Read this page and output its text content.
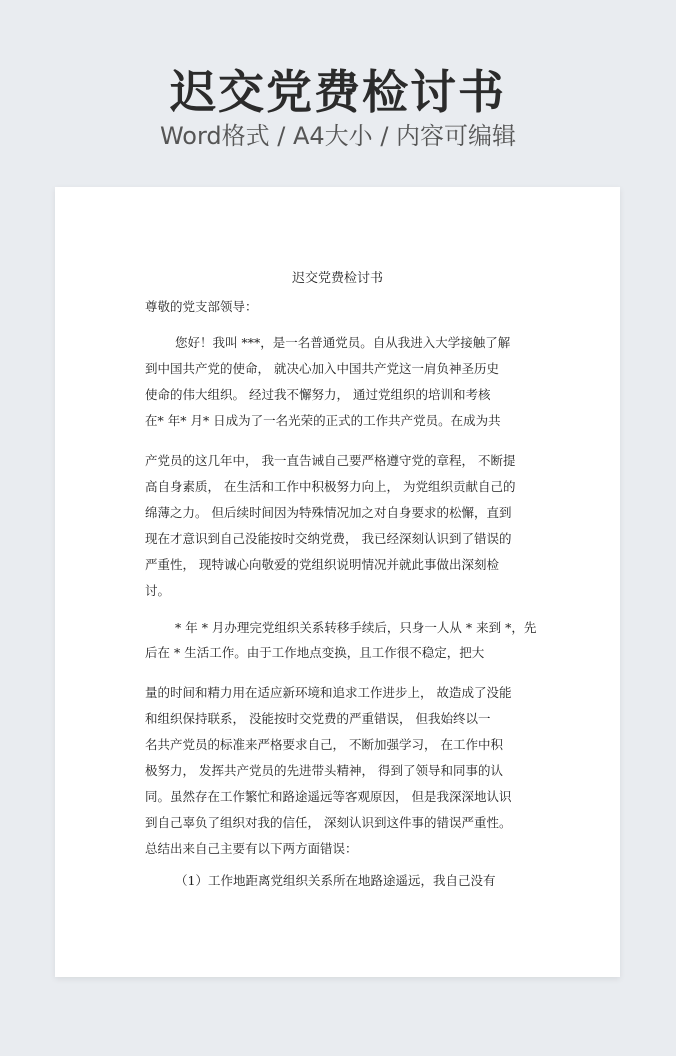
迟交党费检讨书
Word格式 / A4大小 / 内容可编辑
迟交党费检讨书
尊敬的党支部领导：
您好！我叫 ***，是一名普通党员。自从我进入大学接触了解
到中国共产党的使命， 就决心加入中国共产党这一肩负神圣历史
使命的伟大组织。 经过我不懈努力， 通过党组织的培训和考核
在* 年* 月* 日成为了一名光荣的正式的工作共产党员。在成为共
产党员的这几年中， 我一直告诫自己要严格遵守党的章程， 不断提
高自身素质， 在生活和工作中积极努力向上， 为党组织贡献自己的
绵薄之力。 但后续时间因为特殊情况加之对自身要求的松懈，直到
现在才意识到自己没能按时交纳党费， 我已经深刻认识到了错误的
严重性， 现特诚心向敬爱的党组织说明情况并就此事做出深刻检
讨。
* 年 * 月办理完党组织关系转移手续后，只身一人从 * 来到 *，先
后在 * 生活工作。由于工作地点变换，且工作很不稳定，把大
量的时间和精力用在适应新环境和追求工作进步上， 故造成了没能
和组织保持联系， 没能按时交党费的严重错误， 但我始终以一
名共产党员的标准来严格要求自己， 不断加强学习， 在工作中积
极努力， 发挥共产党员的先进带头精神， 得到了领导和同事的认
同。虽然存在工作繁忙和路途遥远等客观原因， 但是我深深地认识
到自己辜负了组织对我的信任， 深刻认识到这件事的错误严重性。
总结出来自己主要有以下两方面错误：
（1）工作地距离党组织关系所在地路途遥远，我自己没有
